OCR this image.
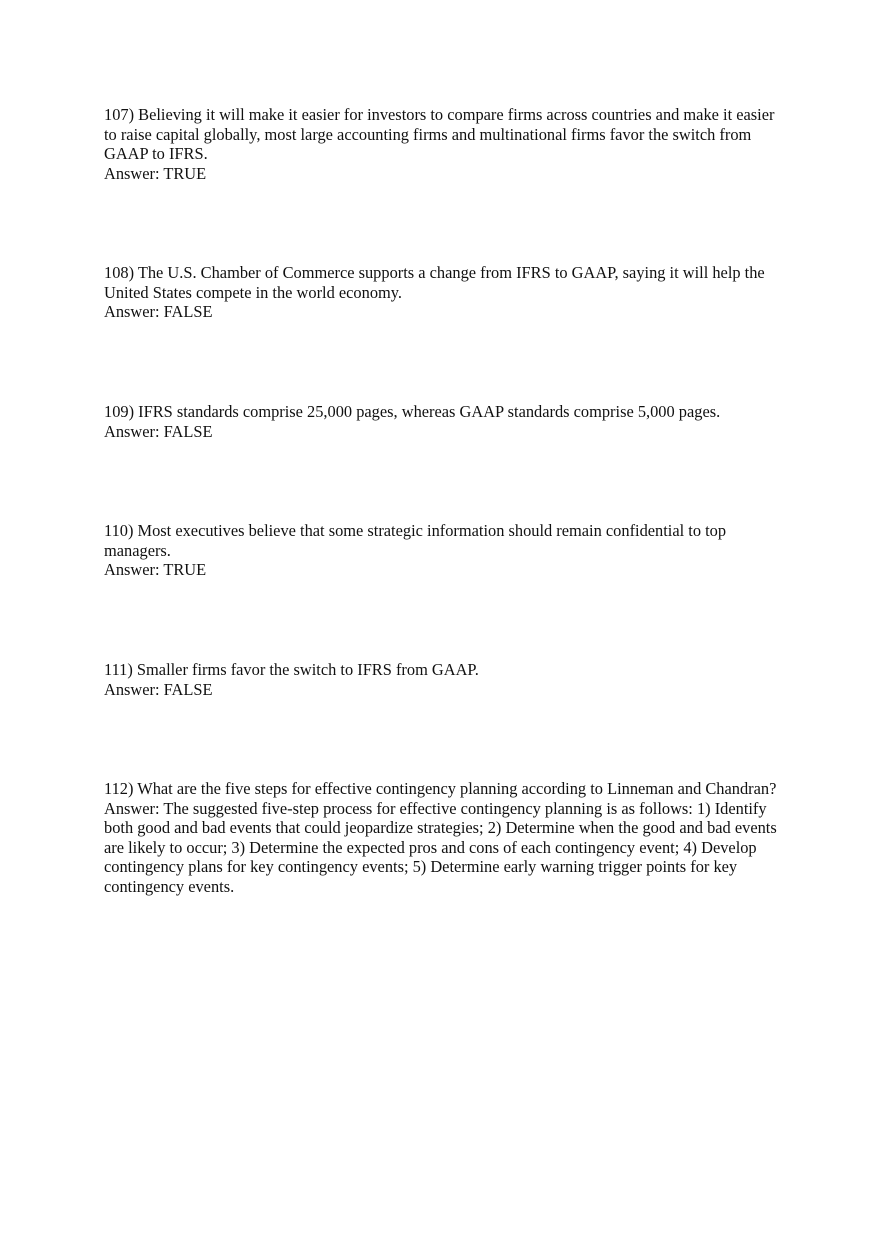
107) Believing it will make it easier for investors to compare firms across countries and make it easier to raise capital globally, most large accounting firms and multinational firms favor the switch from GAAP to IFRS.

Answer: TRUE

108) The U.S. Chamber of Commerce supports a change from IFRS to GAAP, saying it will help the United States compete in the world economy.

Answer: FALSE

109) IFRS standards comprise 25,000 pages, whereas GAAP standards comprise 5,000 pages.

Answer: FALSE

110) Most executives believe that some strategic information should remain confidential to top managers.

Answer: TRUE

111) Smaller firms favor the switch to IFRS from GAAP.

Answer: FALSE

112) What are the five steps for effective contingency planning according to Linneman and Chandran?

Answer: The suggested five-step process for effective contingency planning is as follows: 1) Identify both good and bad events that could jeopardize strategies; 2) Determine when the good and bad events are likely to occur; 3) Determine the expected pros and cons of each contingency event; 4) Develop contingency plans for key contingency events; 5) Determine early warning trigger points for key contingency events.
